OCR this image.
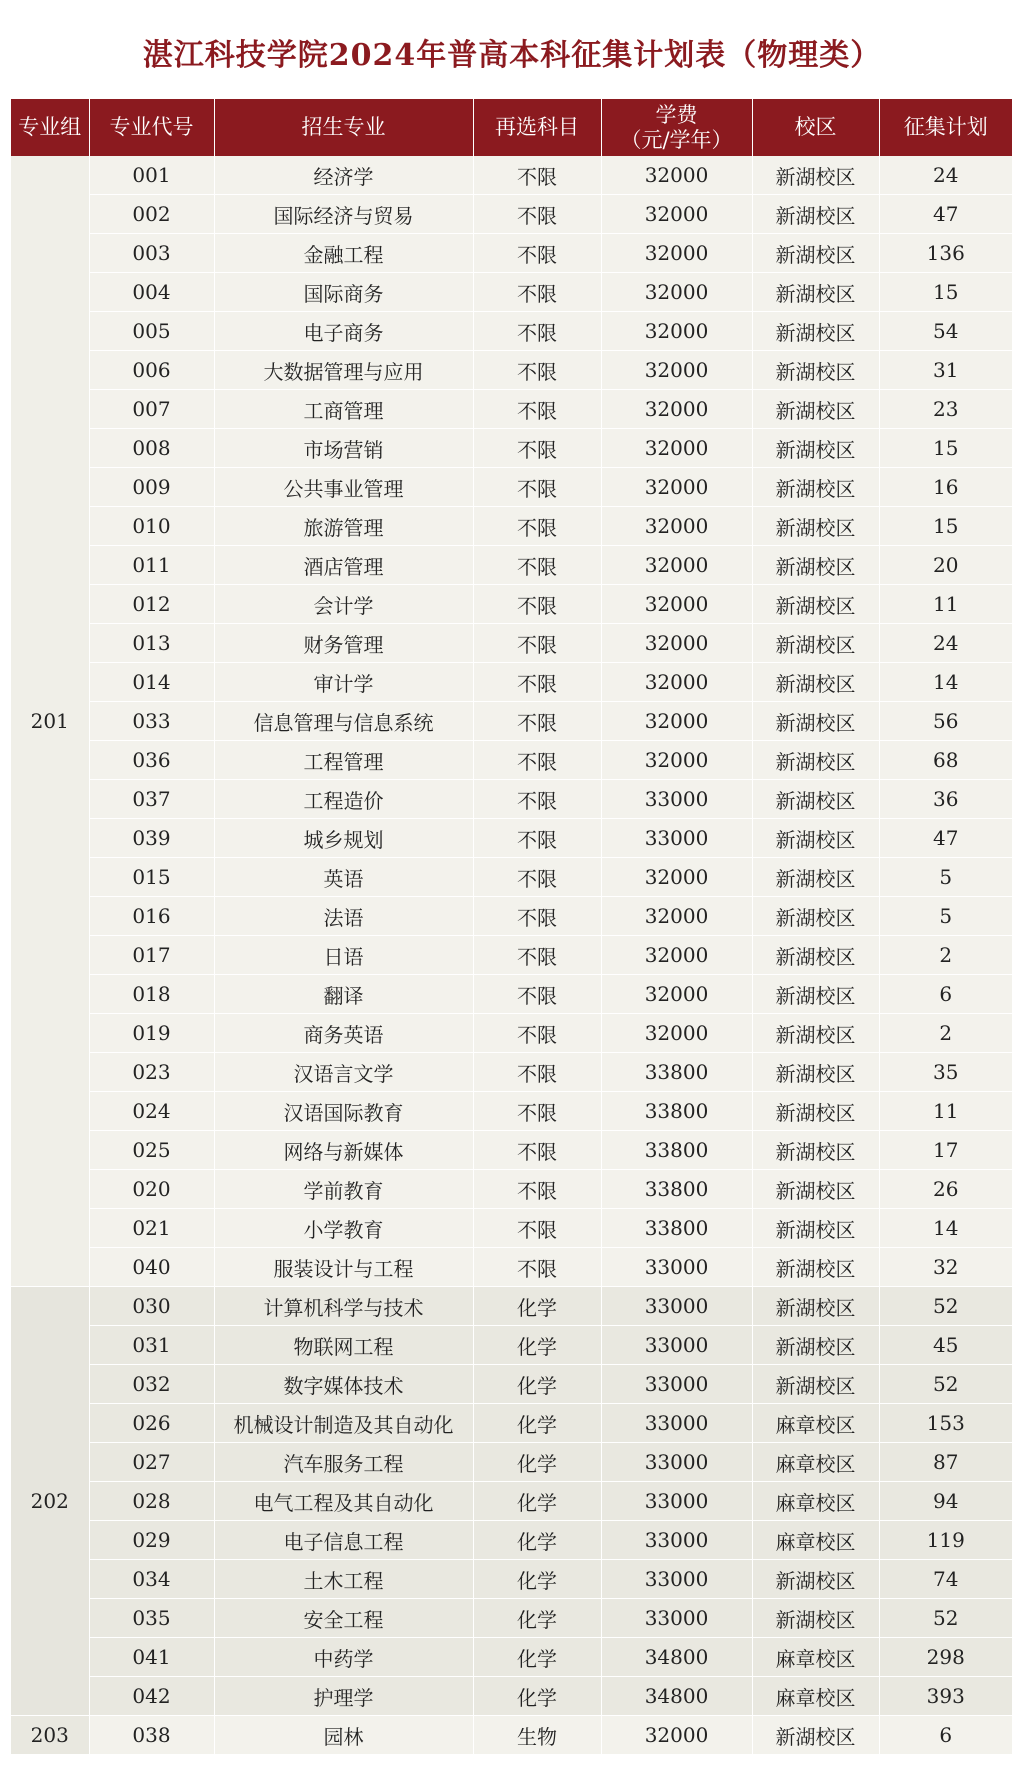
湛江科技学院2024年普高本科征集计划表（物理类）
专业组	专业代号	招生专业	再选科目	学费
（元/学年）	校区	征集计划
201	001	经济学	不限	32000	新湖校区	24
	002	国际经济与贸易	不限	32000	新湖校区	47
	003	金融工程	不限	32000	新湖校区	136
	004	国际商务	不限	32000	新湖校区	15
	005	电子商务	不限	32000	新湖校区	54
	006	大数据管理与应用	不限	32000	新湖校区	31
	007	工商管理	不限	32000	新湖校区	23
	008	市场营销	不限	32000	新湖校区	15
	009	公共事业管理	不限	32000	新湖校区	16
	010	旅游管理	不限	32000	新湖校区	15
	011	酒店管理	不限	32000	新湖校区	20
	012	会计学	不限	32000	新湖校区	11
	013	财务管理	不限	32000	新湖校区	24
	014	审计学	不限	32000	新湖校区	14
	033	信息管理与信息系统	不限	32000	新湖校区	56
	036	工程管理	不限	32000	新湖校区	68
	037	工程造价	不限	33000	新湖校区	36
	039	城乡规划	不限	33000	新湖校区	47
	015	英语	不限	32000	新湖校区	5
	016	法语	不限	32000	新湖校区	5
	017	日语	不限	32000	新湖校区	2
	018	翻译	不限	32000	新湖校区	6
	019	商务英语	不限	32000	新湖校区	2
	023	汉语言文学	不限	33800	新湖校区	35
	024	汉语国际教育	不限	33800	新湖校区	11
	025	网络与新媒体	不限	33800	新湖校区	17
	020	学前教育	不限	33800	新湖校区	26
	021	小学教育	不限	33800	新湖校区	14
	040	服装设计与工程	不限	33000	新湖校区	32
202	030	计算机科学与技术	化学	33000	新湖校区	52
	031	物联网工程	化学	33000	新湖校区	45
	032	数字媒体技术	化学	33000	新湖校区	52
	026	机械设计制造及其自动化	化学	33000	麻章校区	153
	027	汽车服务工程	化学	33000	麻章校区	87
	028	电气工程及其自动化	化学	33000	麻章校区	94
	029	电子信息工程	化学	33000	麻章校区	119
	034	土木工程	化学	33000	新湖校区	74
	035	安全工程	化学	33000	新湖校区	52
	041	中药学	化学	34800	麻章校区	298
	042	护理学	化学	34800	麻章校区	393
203	038	园林	生物	32000	新湖校区	6
